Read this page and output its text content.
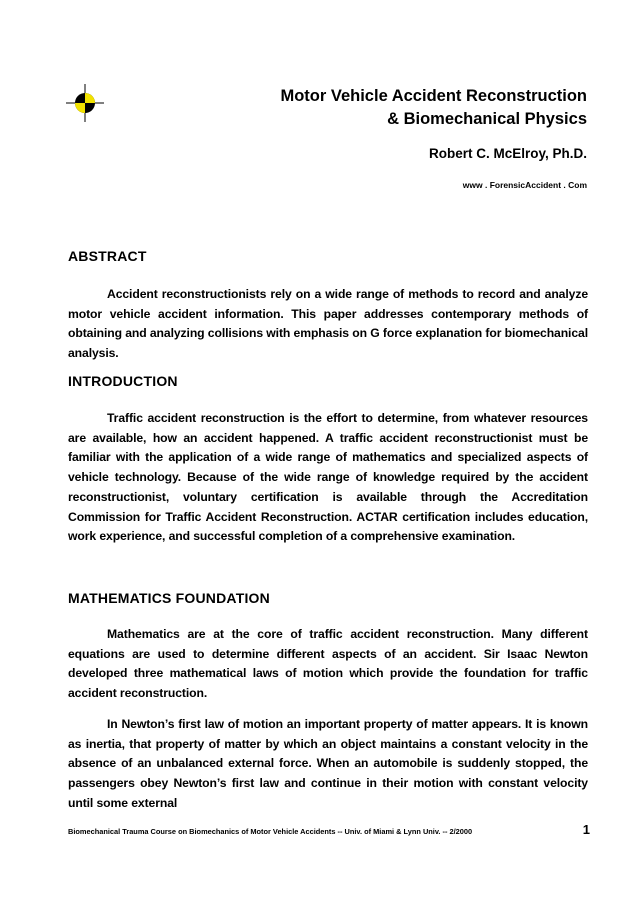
Motor Vehicle Accident Reconstruction
& Biomechanical Physics
Robert C. McElroy, Ph.D.
www . ForensicAccident . Com
ABSTRACT

Accident reconstructionists rely on a wide range of methods to record and analyze motor vehicle accident information. This paper addresses contemporary methods of obtaining and analyzing collisions with emphasis on G force explanation for biomechanical analysis.

INTRODUCTION

Traffic accident reconstruction is the effort to determine, from whatever resources are available, how an accident happened. A traffic accident reconstructionist must be familiar with the application of a wide range of mathematics and specialized aspects of vehicle technology. Because of the wide range of knowledge required by the accident reconstructionist, voluntary certification is available through the Accreditation Commission for Traffic Accident Reconstruction. ACTAR certification includes education, work experience, and successful completion of a comprehensive examination.

MATHEMATICS FOUNDATION

Mathematics are at the core of traffic accident reconstruction. Many different equations are used to determine different aspects of an accident. Sir Isaac Newton developed three mathematical laws of motion which provide the foundation for traffic accident reconstruction.

In Newton’s first law of motion an important property of matter appears. It is known as inertia, that property of matter by which an object maintains a constant velocity in the absence of an unbalanced external force. When an automobile is suddenly stopped, the passengers obey Newton’s first law and continue in their motion with constant velocity until some external

Biomechanical Trauma Course on Biomechanics of Motor Vehicle Accidents -- Univ. of Miami & Lynn Univ. -- 2/2000	1
